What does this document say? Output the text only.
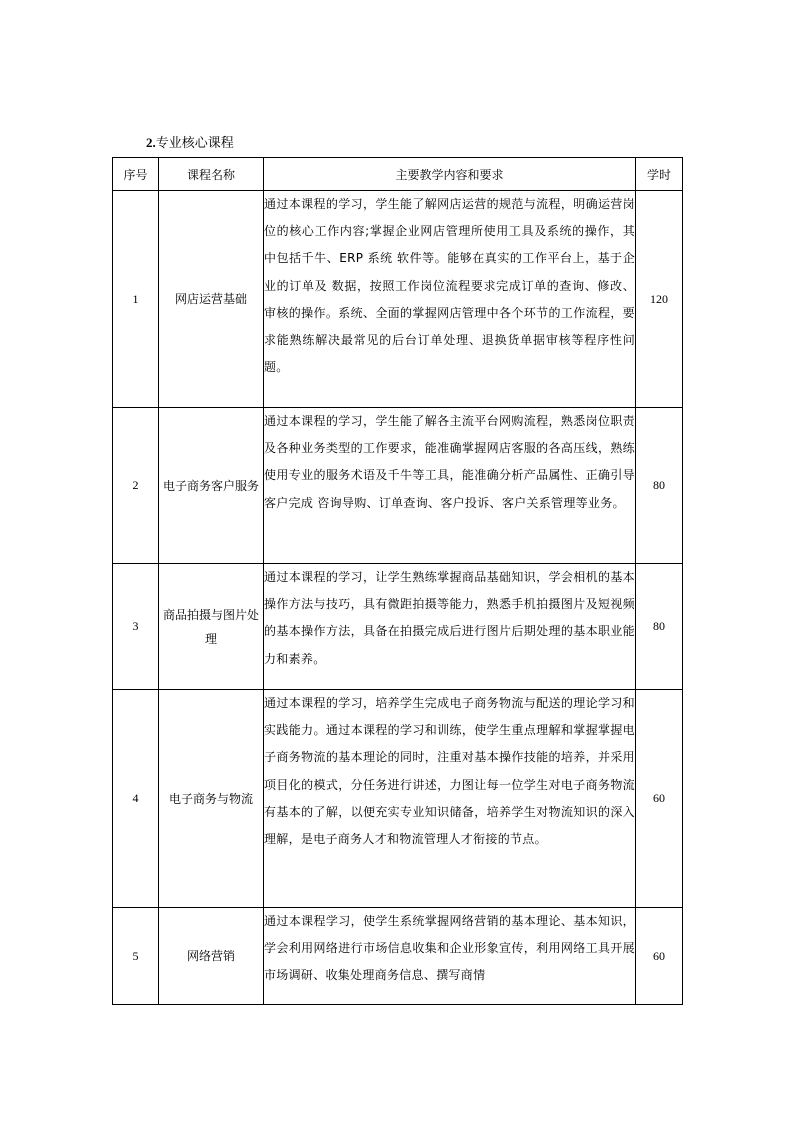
2.专业核心课程
序号	课程名称	主要教学内容和要求	学时
1	网店运营基础	通过本课程的学习，学生能了解网店运营的规范与流程，明确运营岗位的核心工作内容;掌握企业网店管理所使用工具及系统的操作，其中包括千牛、ERP 系统 软件等。能够在真实的工作平台上，基于企业的订单及 数据，按照工作岗位流程要求完成订单的查询、修改、审核的操作。系统、全面的掌握网店管理中各个环节的工作流程，要求能熟练解决最常见的后台订单处理、退换货单据审核等程序性问题。	120
2	电子商务客户服务	通过本课程的学习，学生能了解各主流平台网购流程，熟悉岗位职责及各种业务类型的工作要求，能准确掌握网店客服的各高压线，熟练使用专业的服务术语及千牛等工具，能准确分析产品属性、正确引导客户完成 咨询导购、订单查询、客户投诉、客户关系管理等业务。	80
3	商品拍摄与图片处理	通过本课程的学习，让学生熟练掌握商品基础知识，学会相机的基本操作方法与技巧，具有微距拍摄等能力，熟悉手机拍摄图片及短视频的基本操作方法，具备在拍摄完成后进行图片后期处理的基本职业能力和素养。	80
4	电子商务与物流	通过本课程的学习，培养学生完成电子商务物流与配送的理论学习和实践能力。通过本课程的学习和训练，使学生重点理解和掌握掌握电子商务物流的基本理论的同时，注重对基本操作技能的培养，并采用项目化的模式，分任务进行讲述，力图让每一位学生对电子商务物流有基本的了解，以便充实专业知识储备，培养学生对物流知识的深入理解，是电子商务人才和物流管理人才衔接的节点。	60
5	网络营销	通过本课程学习，使学生系统掌握网络营销的基本理论、基本知识，学会利用网络进行市场信息收集和企业形象宣传，利用网络工具开展市场调研、收集处理商务信息、撰写商情	60
